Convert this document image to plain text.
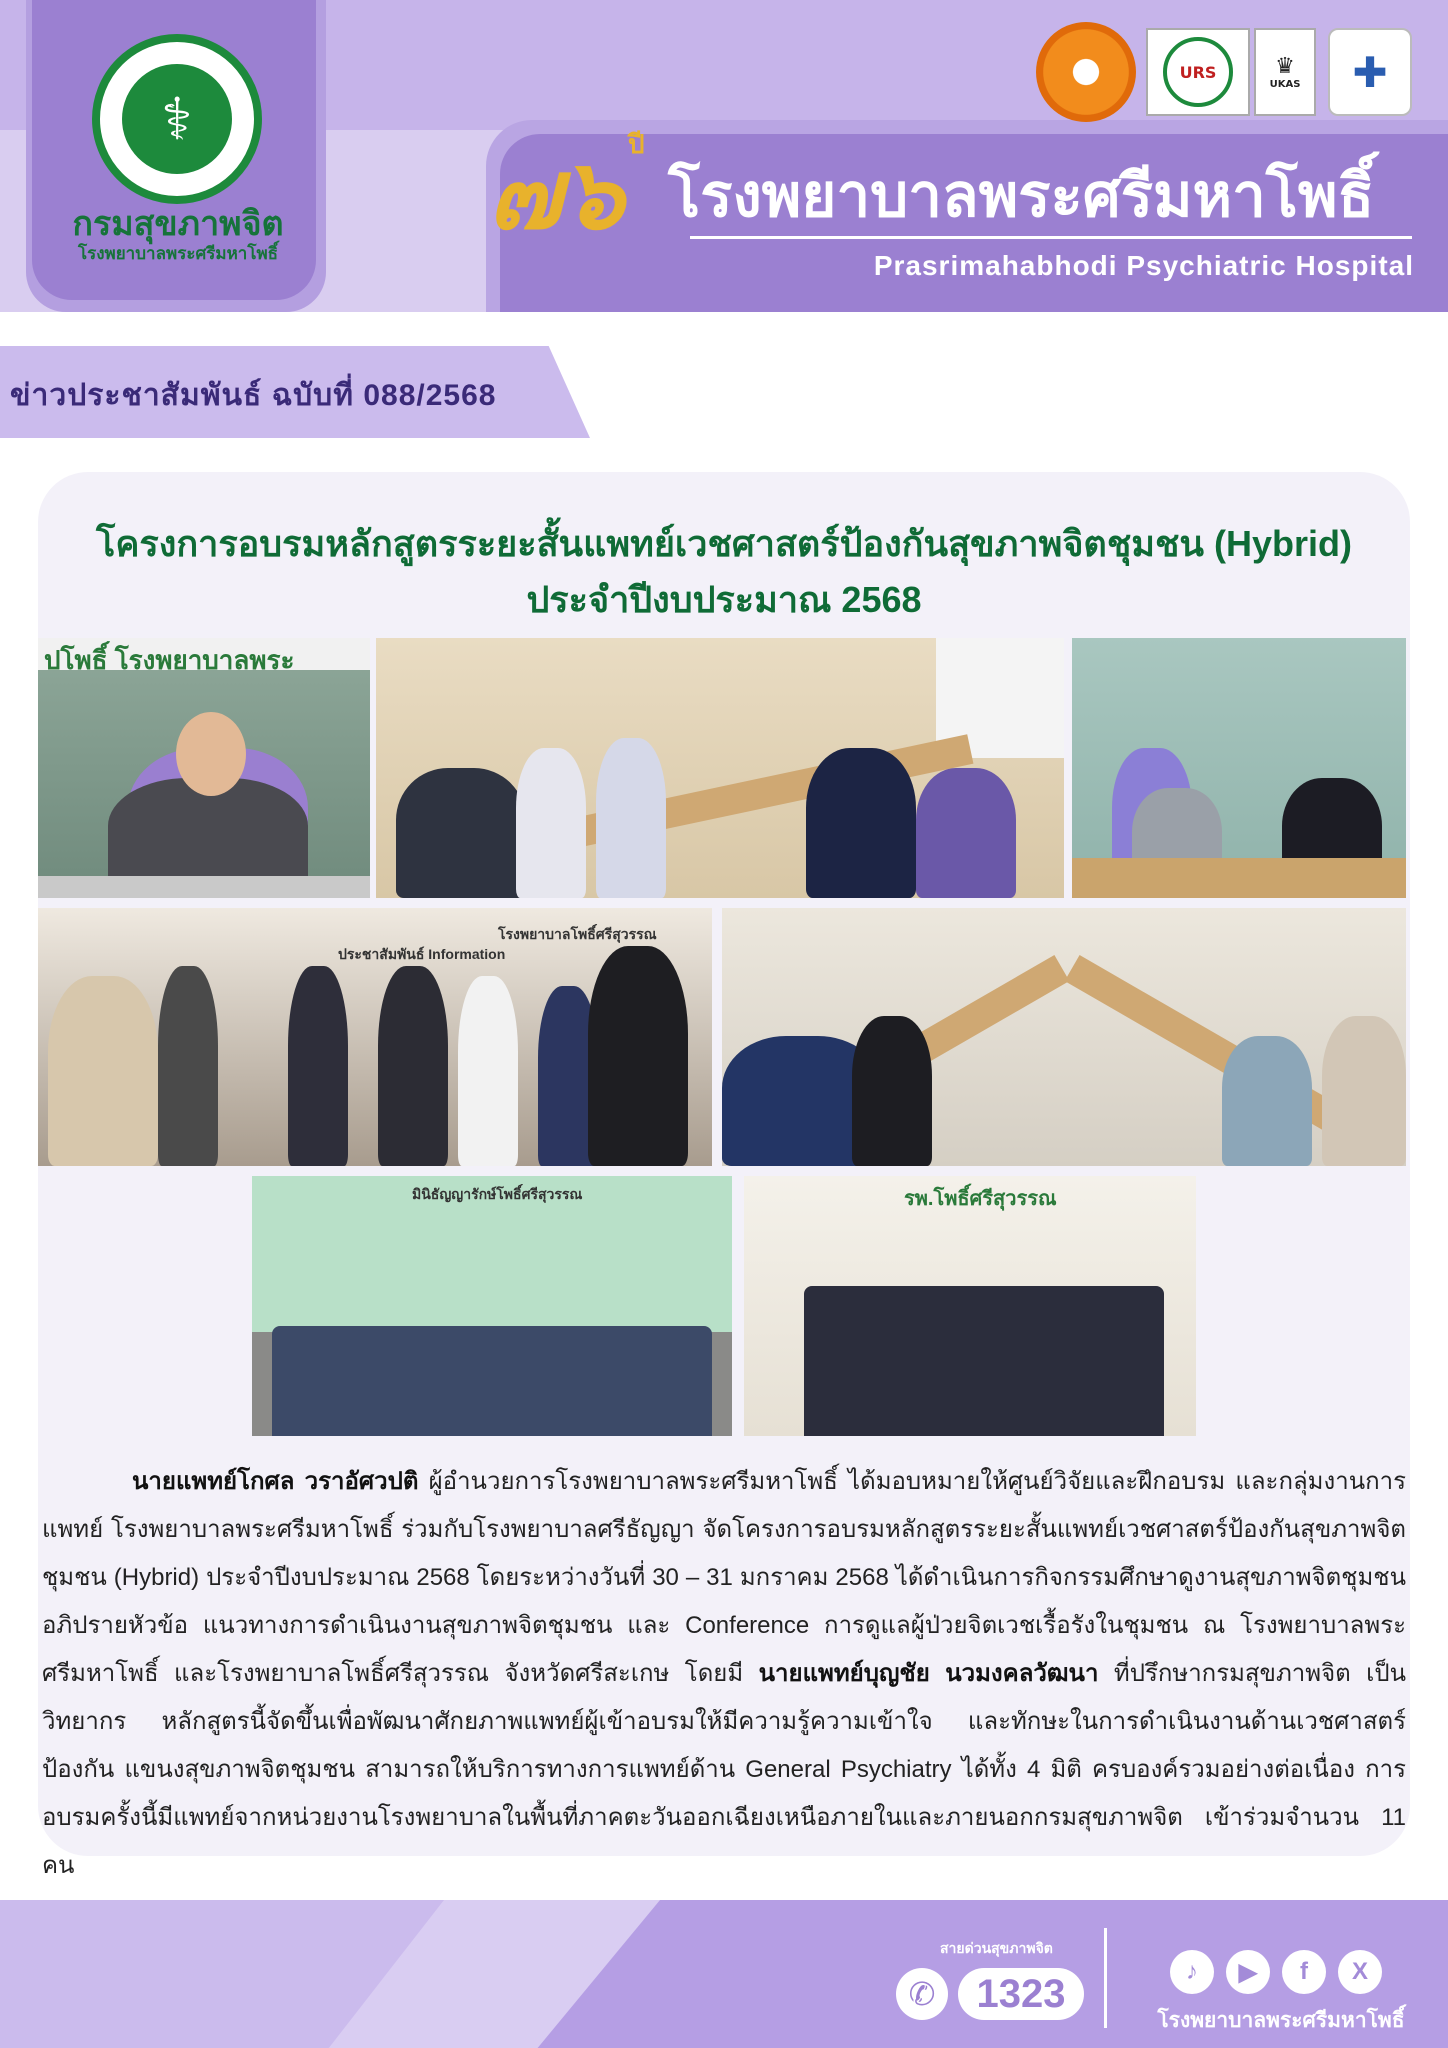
⚕
กรมสุขภาพจิต
โรงพยาบาลพระศรีมหาโพธิ์
URS	♛
UKAS ✚
๗๖ ปี
โรงพยาบาลพระศรีมหาโพธิ์
Prasrimahabhodi Psychiatric Hospital
ข่าวประชาสัมพันธ์ ฉบับที่ 088/2568
โครงการอบรมหลักสูตรระยะสั้นแพทย์เวชศาสตร์ป้องกันสุขภาพจิตชุมชน (Hybrid)
ประจำปีงบประมาณ 2568
ปโพธิ์ โรงพยาบาลพระ
ประชาสัมพันธ์ Information
โรงพยาบาลโพธิ์ศรีสุวรรณ
มินิธัญญารักษ์โพธิ์ศรีสุวรรณ	รพ.โพธิ์ศรีสุวรรณ
นายแพทย์โกศล วราอัศวปติ ผู้อำนวยการโรงพยาบาลพระศรีมหาโพธิ์ ได้มอบหมายให้ศูนย์วิจัยและฝึกอบรม และกลุ่มงานการแพทย์ โรงพยาบาลพระศรีมหาโพธิ์ ร่วมกับโรงพยาบาลศรีธัญญา จัดโครงการอบรมหลักสูตรระยะสั้นแพทย์เวชศาสตร์ป้องกันสุขภาพจิตชุมชน (Hybrid) ประจำปีงบประมาณ 2568 โดยระหว่างวันที่ 30 – 31 มกราคม 2568 ได้ดำเนินการกิจกรรมศึกษาดูงานสุขภาพจิตชุมชน อภิปรายหัวข้อ แนวทางการดำเนินงานสุขภาพจิตชุมชน และ Conference การดูแลผู้ป่วยจิตเวชเรื้อรังในชุมชน ณ โรงพยาบาลพระศรีมหาโพธิ์ และโรงพยาบาลโพธิ์ศรีสุวรรณ จังหวัดศรีสะเกษ โดยมี นายแพทย์บุญชัย นวมงคลวัฒนา ที่ปรึกษากรมสุขภาพจิต เป็นวิทยากร หลักสูตรนี้จัดขึ้นเพื่อพัฒนาศักยภาพแพทย์ผู้เข้าอบรมให้มีความรู้ความเข้าใจ และทักษะในการดำเนินงานด้านเวชศาสตร์ป้องกัน แขนงสุขภาพจิตชุมชน สามารถให้บริการทางการแพทย์ด้าน General Psychiatry ได้ทั้ง 4 มิติ ครบองค์รวมอย่างต่อเนื่อง การอบรมครั้งนี้มีแพทย์จากหน่วยงานโรงพยาบาลในพื้นที่ภาคตะวันออกเฉียงเหนือภายในและภายนอกกรมสุขภาพจิต เข้าร่วมจำนวน 11 คน
สายด่วนสุขภาพจิต
✆	1323	♪	▶	f	X
โรงพยาบาลพระศรีมหาโพธิ์
